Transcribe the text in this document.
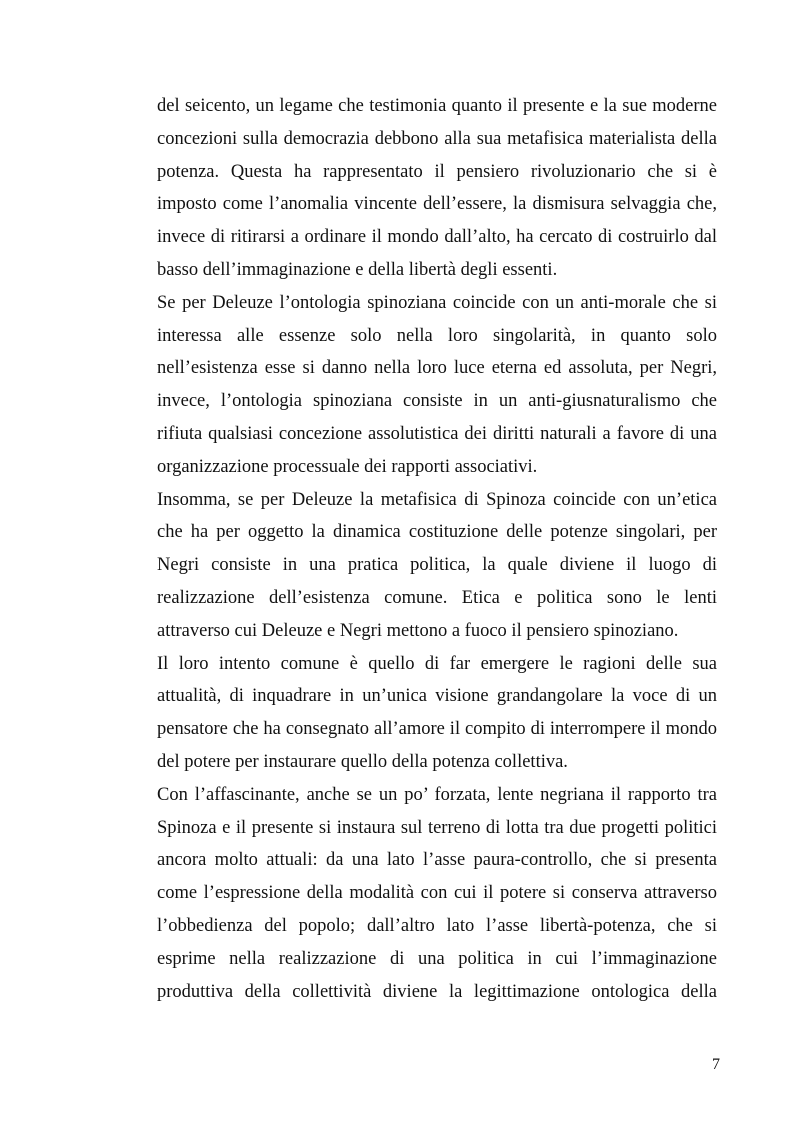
del seicento, un legame che testimonia quanto il presente e la sue moderne
concezioni sulla democrazia debbono alla sua metafisica materialista della
potenza. Questa ha rappresentato il pensiero rivoluzionario che si è
imposto come l’anomalia vincente dell’essere, la dismisura selvaggia che,
invece di ritirarsi a ordinare il mondo dall’alto, ha cercato di costruirlo dal
basso dell’immaginazione e della libertà degli essenti.

Se per Deleuze l’ontologia spinoziana coincide con un anti-morale che si
interessa alle essenze solo nella loro singolarità, in quanto solo
nell’esistenza esse si danno nella loro luce eterna ed assoluta, per Negri,
invece, l’ontologia spinoziana consiste in un anti-giusnaturalismo che
rifiuta qualsiasi concezione assolutistica dei diritti naturali a favore di una
organizzazione processuale dei rapporti associativi.

Insomma, se per Deleuze la metafisica di Spinoza coincide con un’etica
che ha per oggetto la dinamica costituzione delle potenze singolari, per
Negri consiste in una pratica politica, la quale diviene il luogo di
realizzazione dell’esistenza comune. Etica e politica sono le lenti
attraverso cui Deleuze e Negri mettono a fuoco il pensiero spinoziano.

Il loro intento comune è quello di far emergere le ragioni delle sua
attualità, di inquadrare in un’unica visione grandangolare la voce di un
pensatore che ha consegnato all’amore il compito di interrompere il mondo
del potere per instaurare quello della potenza collettiva.

Con l’affascinante, anche se un po’ forzata, lente negriana il rapporto tra
Spinoza e il presente si instaura sul terreno di lotta tra due progetti politici
ancora molto attuali: da una lato l’asse paura-controllo, che si presenta
come l’espressione della modalità con cui il potere si conserva attraverso
l’obbedienza del popolo; dall’altro lato l’asse libertà-potenza, che si
esprime nella realizzazione di una politica in cui l’immaginazione
produttiva della collettività diviene la legittimazione ontologica della

7
